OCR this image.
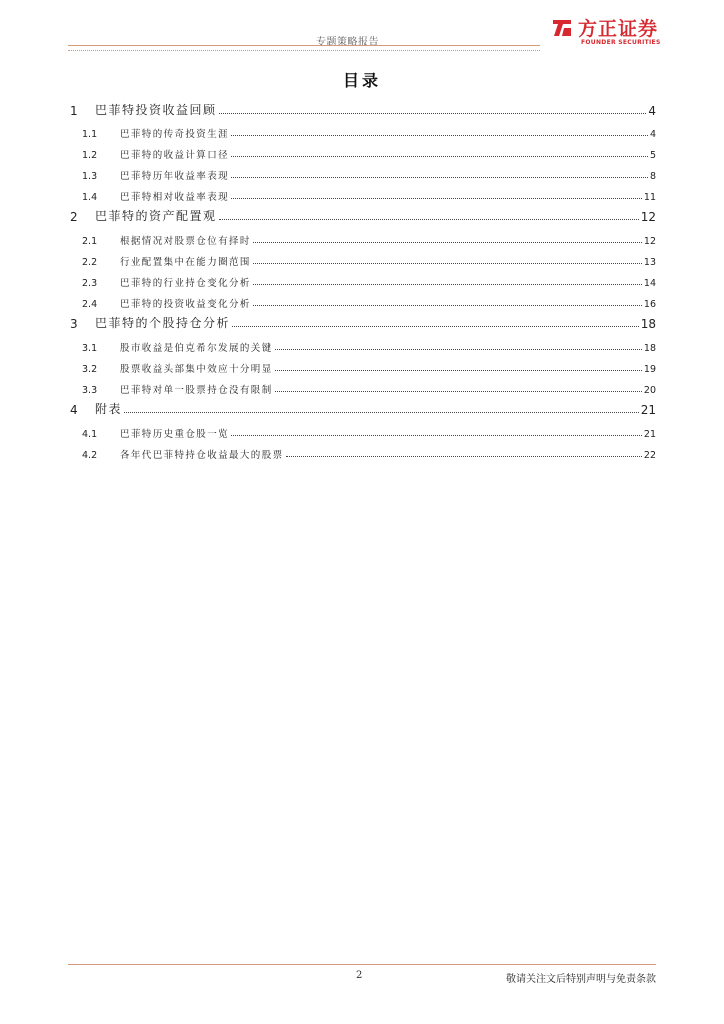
专题策略报告
方正证券
FOUNDER SECURITIES
目录
1	巴菲特投资收益回顾	4
1.1	巴菲特的传奇投资生涯	4
1.2	巴菲特的收益计算口径	5
1.3	巴菲特历年收益率表现	8
1.4	巴菲特相对收益率表现	11
2	巴菲特的资产配置观	12
2.1	根据情况对股票仓位有择时	12
2.2	行业配置集中在能力圈范围	13
2.3	巴菲特的行业持仓变化分析	14
2.4	巴菲特的投资收益变化分析	16
3	巴菲特的个股持仓分析	18
3.1	股市收益是伯克希尔发展的关键	18
3.2	股票收益头部集中效应十分明显	19
3.3	巴菲特对单一股票持仓没有限制	20
4	附表	21
4.1	巴菲特历史重仓股一览	21
4.2	各年代巴菲特持仓收益最大的股票	22
2	敬请关注文后特别声明与免责条款
